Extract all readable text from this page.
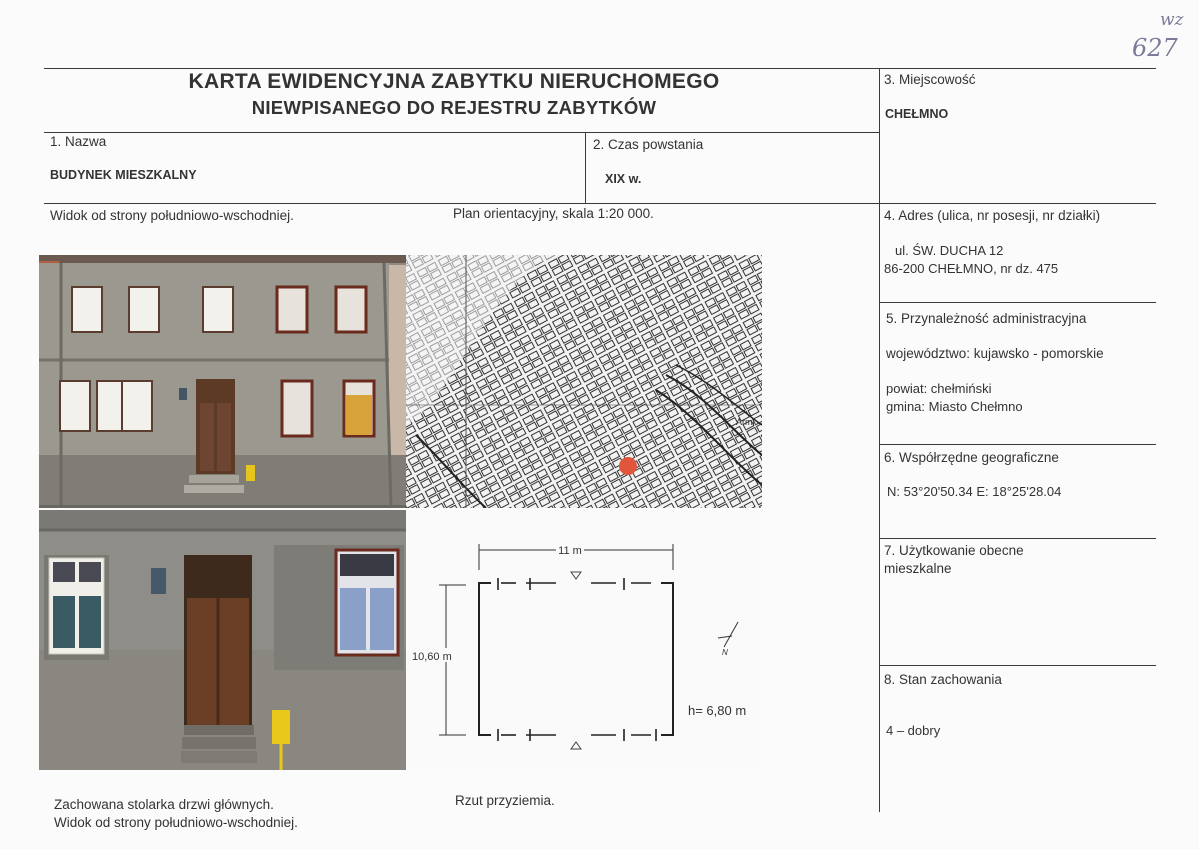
wz
627
KARTA EWIDENCYJNA ZABYTKU NIERUCHOMEGO
NIEWPISANEGO DO REJESTRU ZABYTKÓW
1. Nazwa
BUDYNEK MIESZKALNY
2. Czas powstania
XIX w.
3. Miejscowość
CHEŁMNO
4. Adres (ulica, nr posesji, nr działki)
ul. ŚW. DUCHA 12
86-200 CHEŁMNO, nr dz. 475
5. Przynależność administracyjna
województwo: kujawsko - pomorskie
powiat: chełmiński
gmina: Miasto Chełmno
6. Współrzędne geograficzne
N: 53°20'50.34 E: 18°25'28.04
7. Użytkowanie obecne
mieszkalne
8. Stan zachowania
4 – dobry
Widok od strony południowo-wschodniej.	Plan orientacyjny, skala 1:20 000.
Zachowana stolarka drzwi głównych.
Widok od strony południowo-wschodniej.
Rzut przyziemia.
Armi
11 m
10,60 m	N
h= 6,80 m
